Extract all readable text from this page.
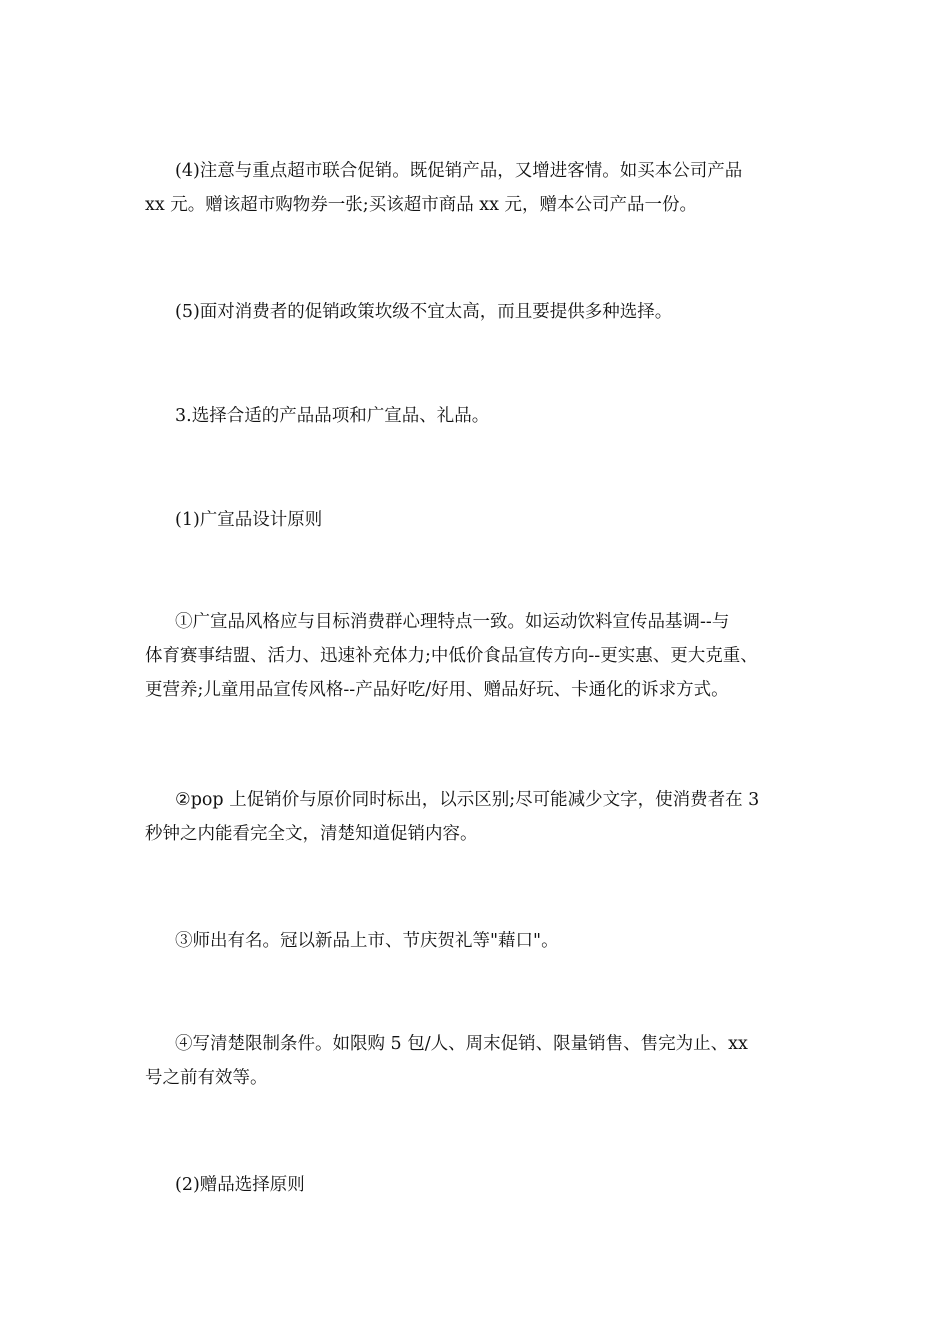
(4)注意与重点超市联合促销。既促销产品，又增进客情。如买本公司产品
xx 元。赠该超市购物券一张;买该超市商品 xx 元，赠本公司产品一份。
(5)面对消费者的促销政策坎级不宜太高，而且要提供多种选择。
3.选择合适的产品品项和广宣品、礼品。
(1)广宣品设计原则
①广宣品风格应与目标消费群心理特点一致。如运动饮料宣传品基调--与
体育赛事结盟、活力、迅速补充体力;中低价食品宣传方向--更实惠、更大克重、
更营养;儿童用品宣传风格--产品好吃/好用、赠品好玩、卡通化的诉求方式。
②pop 上促销价与原价同时标出，以示区别;尽可能减少文字，使消费者在 3
秒钟之内能看完全文，清楚知道促销内容。
③师出有名。冠以新品上市、节庆贺礼等"藉口"。
④写清楚限制条件。如限购 5 包/人、周末促销、限量销售、售完为止、xx
号之前有效等。
(2)赠品选择原则
